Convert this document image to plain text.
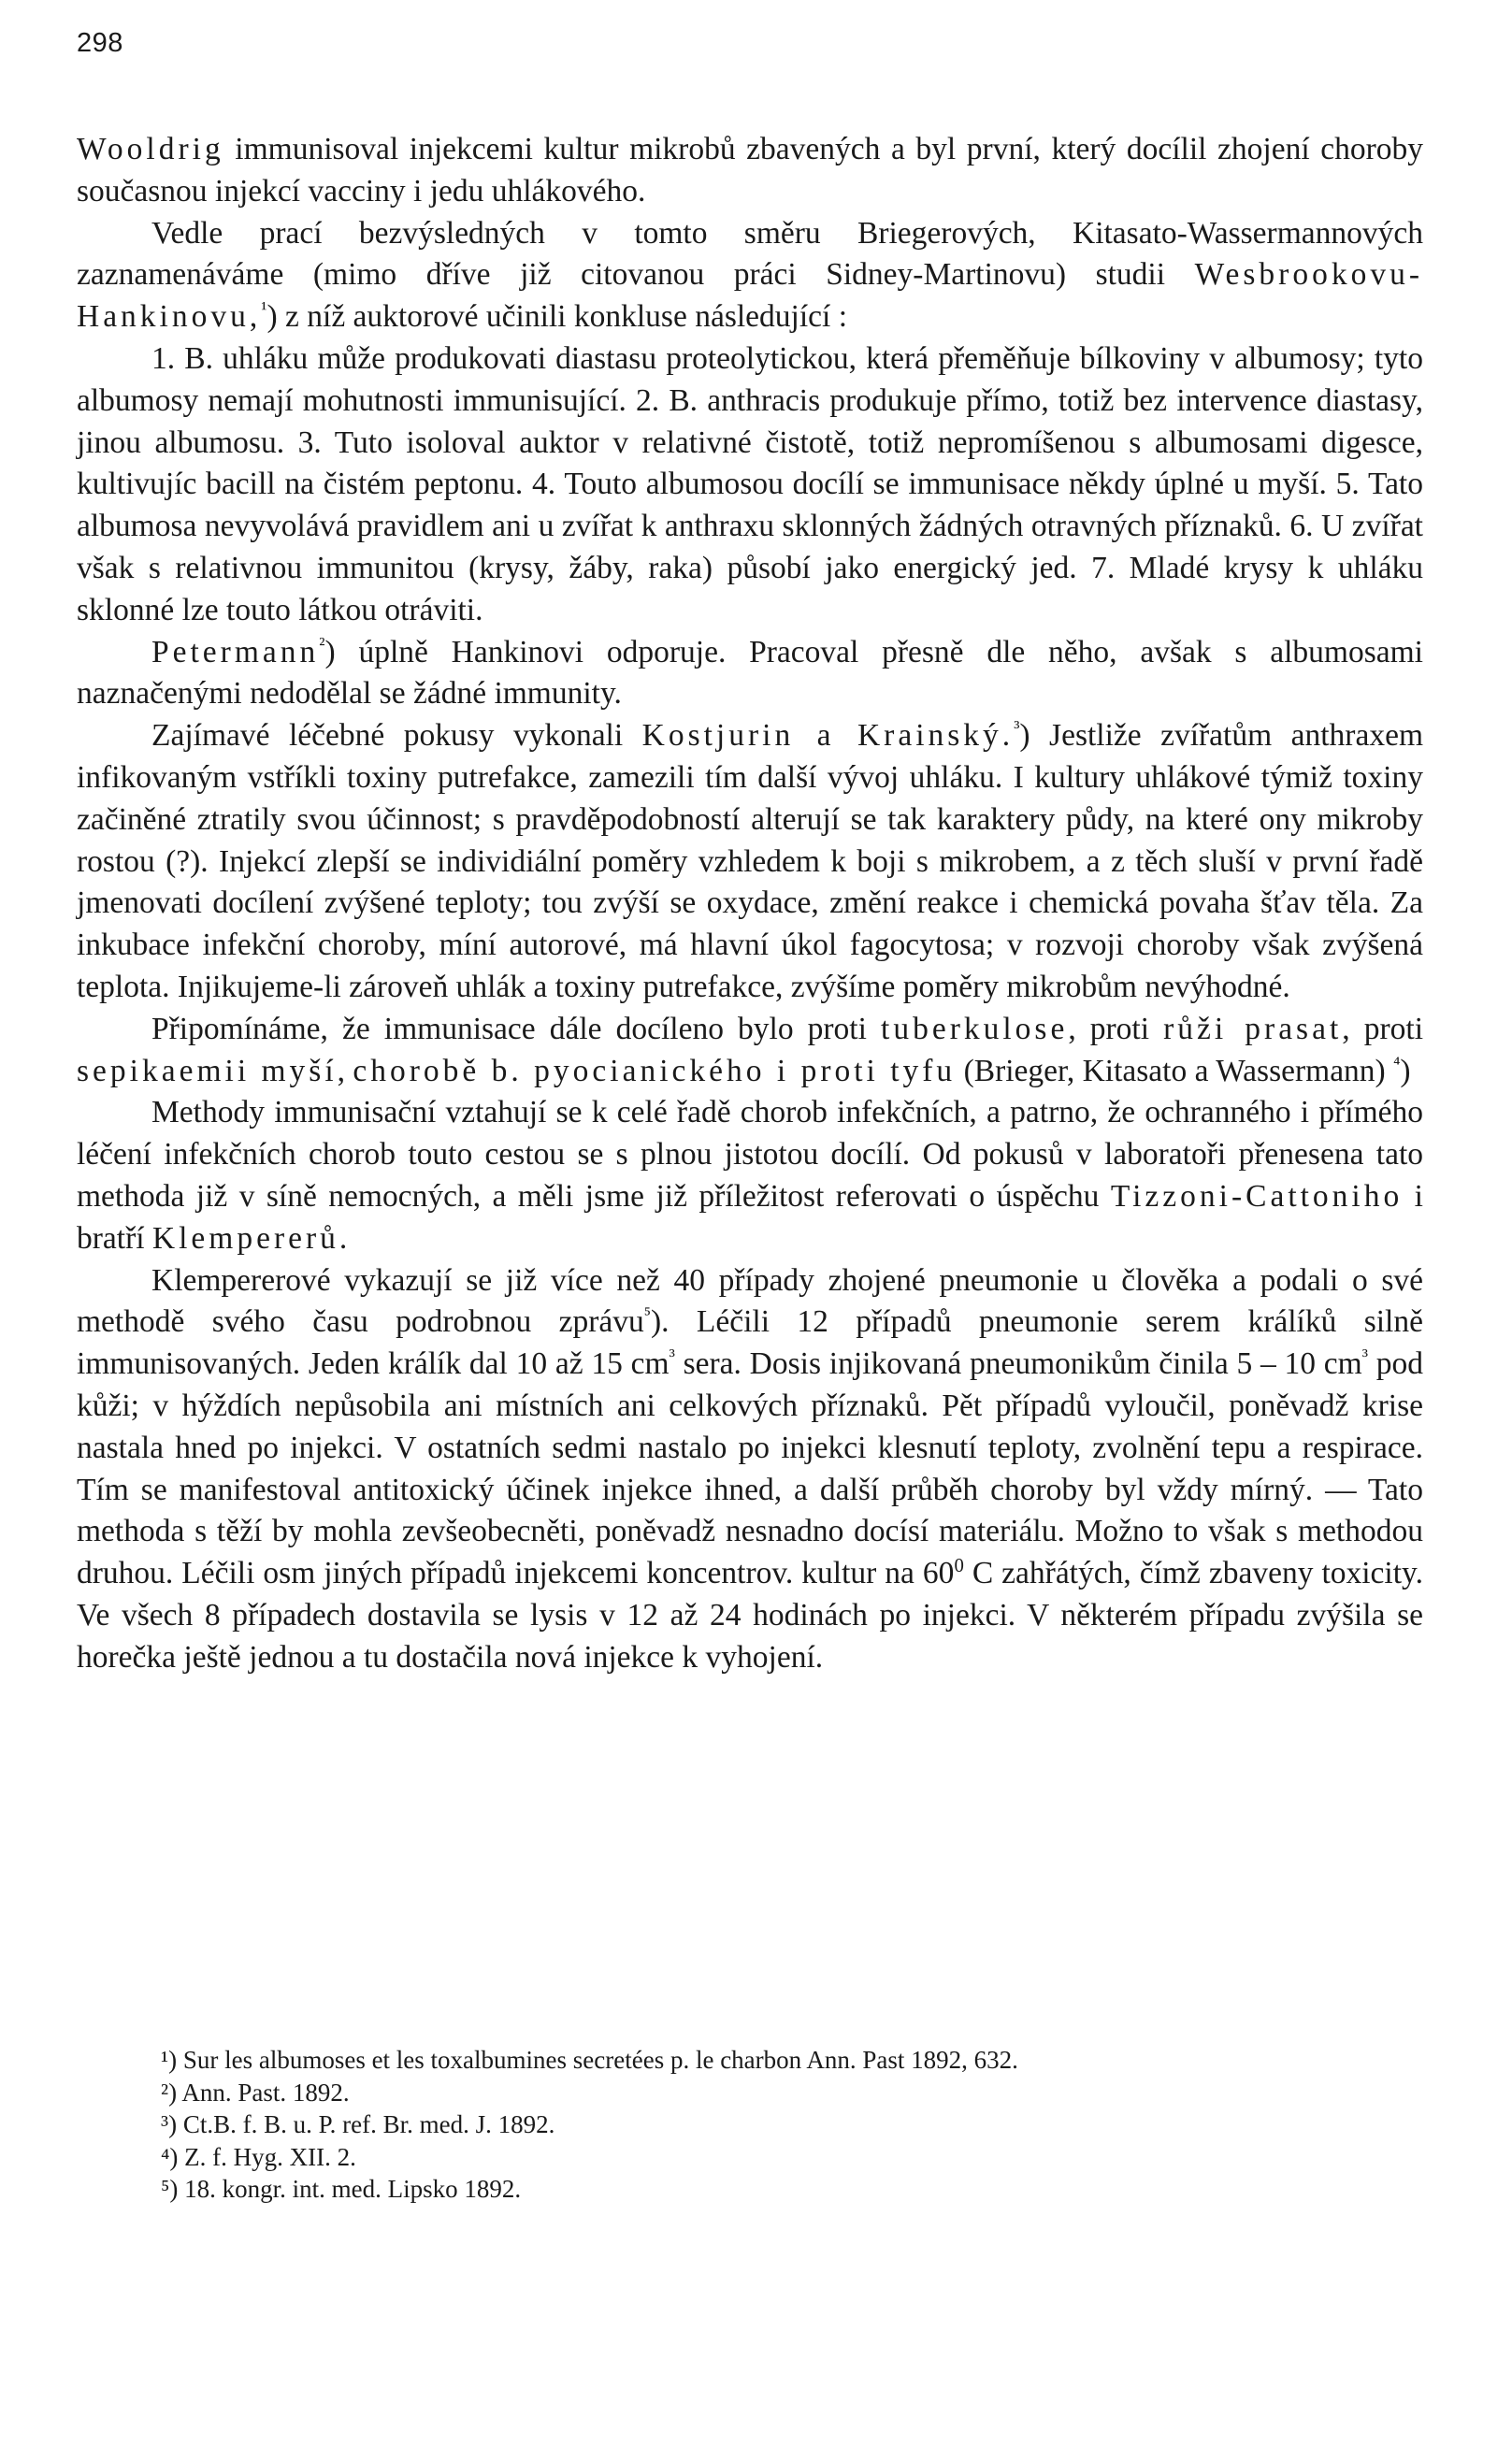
298

Wooldrig immunisoval injekcemi kultur mikrobů zbavených a byl první, který docílil zhojení choroby současnou injekcí vacciny i jedu uhlákového.

Vedle prací bezvýsledných v tomto směru Briegerových, Kitasato-Wassermannových zaznamenáváme (mimo dříve již citovanou práci Sidney-Martinovu) studii Wesbrookovu-Hankinovu,$^{^1}$) z níž auktorové učinili konkluse následující :

1. B. uhláku může produkovati diastasu proteolytickou, která přeměňuje bílkoviny v albumosy; tyto albumosy nemají mohutnosti immunisující. 2. B. anthracis produkuje přímo, totiž bez intervence diastasy, jinou albumosu. 3. Tuto isoloval auktor v relativné čistotě, totiž nepromíšenou s albumosami digesce, kultivujíc bacill na čistém peptonu. 4. Touto albumosou docílí se immunisace někdy úplné u myší. 5. Tato albumosa nevyvolává pravidlem ani u zvířat k anthraxu sklonných žádných otravných příznaků. 6. U zvířat však s relativnou immunitou (krysy, žáby, raka) působí jako energický jed. 7. Mladé krysy k uhláku sklonné lze touto látkou otráviti.

Petermann$^{^2}$) úplně Hankinovi odporuje. Pracoval přesně dle něho, avšak s albumosami naznačenými nedodělal se žádné immunity.

Zajímavé léčebné pokusy vykonali Kostjurin a Krainský.$^{^3}$) Jestliže zvířatům anthraxem infikovaným vstříkli toxiny putrefakce, zamezili tím další vývoj uhláku. I kultury uhlákové týmiž toxiny začiněné ztratily svou účinnost; s pravděpodobností alterují se tak karaktery půdy, na které ony mikroby rostou (?). Injekcí zlepší se individiální poměry vzhledem k boji s mikrobem, a z těch sluší v první řadě jmenovati docílení zvýšené teploty; tou zvýší se oxydace, změní reakce i chemická povaha šťav těla. Za inkubace infekční choroby, míní autorové, má hlavní úkol fagocytosa; v rozvoji choroby však zvýšená teplota. Injikujeme-li zároveň uhlák a toxiny putrefakce, zvýšíme poměry mikrobům nevýhodné.

Připomínáme, že immunisace dále docíleno bylo proti tuberkulose, proti růži prasat, proti sepikaemii myší, chorobě b. pyocianického i proti tyfu (Brieger, Kitasato a Wassermann) $^{^4}$)

Methody immunisační vztahují se k celé řadě chorob infekčních, a patrno, že ochranného i přímého léčení infekčních chorob touto cestou se s plnou jistotou docílí. Od pokusů v laboratoři přenesena tato methoda již v síně nemocných, a měli jsme již příležitost referovati o úspěchu Tizzoni-Cattoniho i bratří Klempererů.

Klempererové vykazují se již více než 40 případy zhojené pneumonie u člověka a podali o své methodě svého času podrobnou zprávu$^{^5}$). Léčili 12 případů pneumonie serem králíků silně immunisovaných. Jeden králík dal 10 až 15 $cm^{^3}$ sera. Dosis injikovaná pneumonikům činila 5 – 10 $cm^{^3}$ pod kůži; v hýždích nepůsobila ani místních ani celkových příznaků. Pět případů vyloučil, poněvadž krise nastala hned po injekci. V ostatních sedmi nastalo po injekci klesnutí teploty, zvolnění tepu a respirace. Tím se manifestoval antitoxický účinek injekce ihned, a další průběh choroby byl vždy mírný. — Tato methoda s těží by mohla zevšeobecněti, poněvadž nesnadno docísí materiálu. Možno to však s methodou druhou. Léčili osm jiných případů injekcemi koncentrov. kultur na $60^0$ C zahřátých, čímž zbaveny toxicity. Ve všech 8 případech dostavila se lysis v 12 až 24 hodinách po injekci. V některém případu zvýšila se horečka ještě jednou a tu dostačila nová injekce k vyhojení.

¹) Sur les albumoses et les toxalbumines secretées p. le charbon Ann. Past 1892, 632.

²) Ann. Past. 1892.

³) Ct.B. f. B. u. P. ref. Br. med. J. 1892.

⁴) Z. f. Hyg. XII. 2.

⁵) 18. kongr. int. med. Lipsko 1892.
